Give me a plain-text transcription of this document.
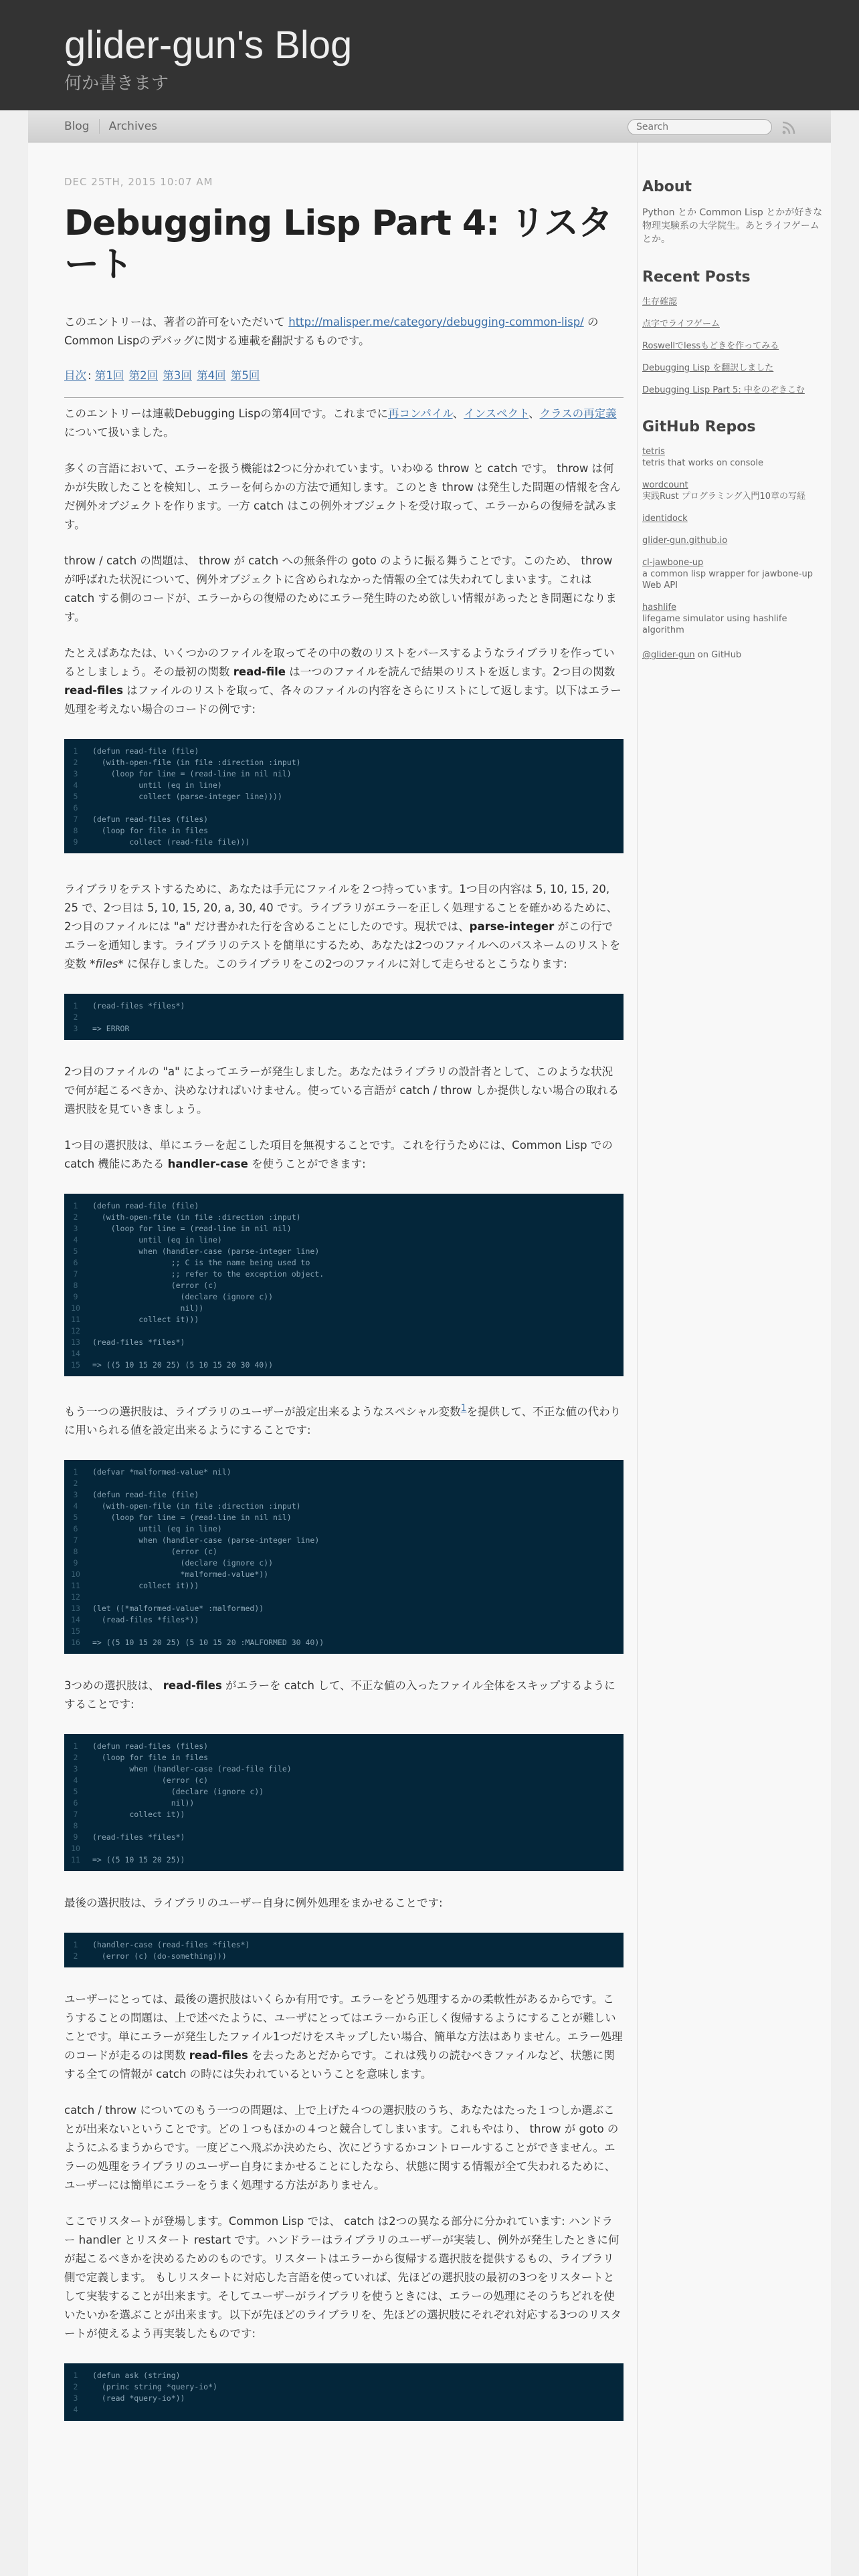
glider-gun's Blog
何か書きます
Blog	Archives
Search
DEC 25TH, 2015 10:07 AM
Debugging Lisp Part 4: リスタート
このエントリーは、著者の許可をいただいて http://malisper.me/category/debugging-common-lisp/ のCommon Lispのデバッグに関する連載を翻訳するものです。
目次 : 第1回 第2回 第3回 第4回 第5回
このエントリーは連載Debugging Lispの第4回です。これまでに再コンパイル、インスペクト、クラスの再定義について扱いました。
多くの言語において、エラーを扱う機能は2つに分かれています。いわゆる throw と catch です。 throw は何かが失敗したことを検知し、エラーを何らかの方法で通知します。このとき throw は発生した問題の情報を含んだ例外オブジェクトを作ります。一方 catch はこの例外オブジェクトを受け取って、エラーからの復帰を試みます。
throw / catch の問題は、 throw が catch への無条件の goto のように振る舞うことです。このため、 throw が呼ばれた状況について、例外オブジェクトに含められなかった情報の全ては失われてしまいます。これは catch する側のコードが、エラーからの復帰のためにエラー発生時のため欲しい情報があったとき問題になります。
たとえばあなたは、いくつかのファイルを取ってその中の数のリストをパースするようなライブラリを作っているとしましょう。その最初の関数 read-file は一つのファイルを読んで結果のリストを返します。2つ目の関数 read-files はファイルのリストを取って、各々のファイルの内容をさらにリストにして返します。以下はエラー処理を考えない場合のコードの例です:
1	(defun read-file (file)
2	(with-open-file (in file :direction :input)
3	(loop for line = (read-line in nil nil)
4	until (eq in line)
5	collect (parse-integer line))))
6
7	(defun read-files (files)
8	(loop for file in files
9	collect (read-file file)))
ライブラリをテストするために、あなたは手元にファイルを２つ持っています。1つ目の内容は 5, 10, 15, 20, 25 で、2つ目は 5, 10, 15, 20, a, 30, 40 です。ライブラリがエラーを正しく処理することを確かめるために、2つ目のファイルには "a" だけ書かれた行を含めることにしたのです。現状では、parse-integer がこの行でエラーを通知します。ライブラリのテストを簡単にするため、あなたは2つのファイルへのパスネームのリストを変数 *files* に保存しました。このライブラリをこの2つのファイルに対して走らせるとこうなります:
1	(read-files *files*)
2
3	=> ERROR
2つ目のファイルの "a" によってエラーが発生しました。あなたはライブラリの設計者として、このような状況で何が起こるべきか、決めなければいけません。使っている言語が catch / throw しか提供しない場合の取れる選択肢を見ていきましょう。
1つ目の選択肢は、単にエラーを起こした項目を無視することです。これを行うためには、Common Lisp での catch 機能にあたる handler-case を使うことができます:
1	(defun read-file (file)
2	(with-open-file (in file :direction :input)
3	(loop for line = (read-line in nil nil)
4	until (eq in line)
5	when (handler-case (parse-integer line)
6	;; C is the name being used to
7	;; refer to the exception object.
8	(error (c)
9	(declare (ignore c))
10	nil))
11	collect it)))
12
13	(read-files *files*)
14
15	=> ((5 10 15 20 25) (5 10 15 20 30 40))
もう一つの選択肢は、ライブラリのユーザーが設定出来るようなスペシャル変数$^1$を提供して、不正な値の代わりに用いられる値を設定出来るようにすることです:
1	(defvar *malformed-value* nil)
2
3	(defun read-file (file)
4	(with-open-file (in file :direction :input)
5	(loop for line = (read-line in nil nil)
6	until (eq in line)
7	when (handler-case (parse-integer line)
8	(error (c)
9	(declare (ignore c))
10	*malformed-value*))
11	collect it)))
12
13	(let ((*malformed-value* :malformed))
14	(read-files *files*))
15
16	=> ((5 10 15 20 25) (5 10 15 20 :MALFORMED 30 40))
3つめの選択肢は、 read-files がエラーを catch して、不正な値の入ったファイル全体をスキップするようにすることです:
1	(defun read-files (files)
2	(loop for file in files
3	when (handler-case (read-file file)
4	(error (c)
5	(declare (ignore c))
6	nil))
7	collect it))
8
9	(read-files *files*)
10
11	=> ((5 10 15 20 25))
最後の選択肢は、ライブラリのユーザー自身に例外処理をまかせることです:
1	(handler-case (read-files *files*)
2	(error (c) (do-something)))
ユーザーにとっては、最後の選択肢はいくらか有用です。エラーをどう処理するかの柔軟性があるからです。こうすることの問題は、上で述べたように、ユーザにとってはエラーから正しく復帰するようにすることが難しいことです。単にエラーが発生したファイル1つだけをスキップしたい場合、簡単な方法はありません。エラー処理のコードが走るのは関数 read-files を去ったあとだからです。これは残りの読むべきファイルなど、状態に関する全ての情報が catch の時には失われているということを意味します。
catch / throw についてのもう一つの問題は、上で上げた４つの選択肢のうち、あなたはたった１つしか選ぶことが出来ないということです。どの１つもほかの４つと競合してしまいます。これもやはり、 throw が goto のようにふるまうからです。一度どこへ飛ぶか決めたら、次にどうするかコントロールすることができません。エラーの処理をライブラリのユーザー自身にまかせることにしたなら、状態に関する情報が全て失われるために、ユーザーには簡単にエラーをうまく処理する方法がありません。
ここでリスタートが登場します。Common Lisp では、 catch は2つの異なる部分に分かれています: ハンドラー handler とリスタート restart です。ハンドラーはライブラリのユーザーが実装し、例外が発生したときに何が起こるべきかを決めるためのものです。リスタートはエラーから復帰する選択肢を提供するもの、ライブラリ側で定義します。 もしリスタートに対応した言語を使っていれば、先ほどの選択肢の最初の3つをリスタートとして実装することが出来ます。そしてユーザーがライブラリを使うときには、エラーの処理にそのうちどれを使いたいかを選ぶことが出来ます。以下が先ほどのライブラリを、先ほどの選択肢にそれぞれ対応する3つのリスタートが使えるよう再実装したものです:
1	(defun ask (string)
2	(princ string *query-io*)
3	(read *query-io*))
4
About
Python とか Common Lisp とかが好きな物理実験系の大学院生。あとライフゲームとか。
Recent Posts
生存確認
点字でライフゲーム
Roswellでlessもどきを作ってみる
Debugging Lisp を翻訳しました
Debugging Lisp Part 5: 中をのぞきこむ
GitHub Repos
tetris
tetris that works on console
wordcount
実践Rust プログラミング入門10章の写経
identidock
glider-gun.github.io
cl-jawbone-up
a common lisp wrapper for jawbone-up Web API
hashlife
lifegame simulator using hashlife algorithm
@glider-gun on GitHub
